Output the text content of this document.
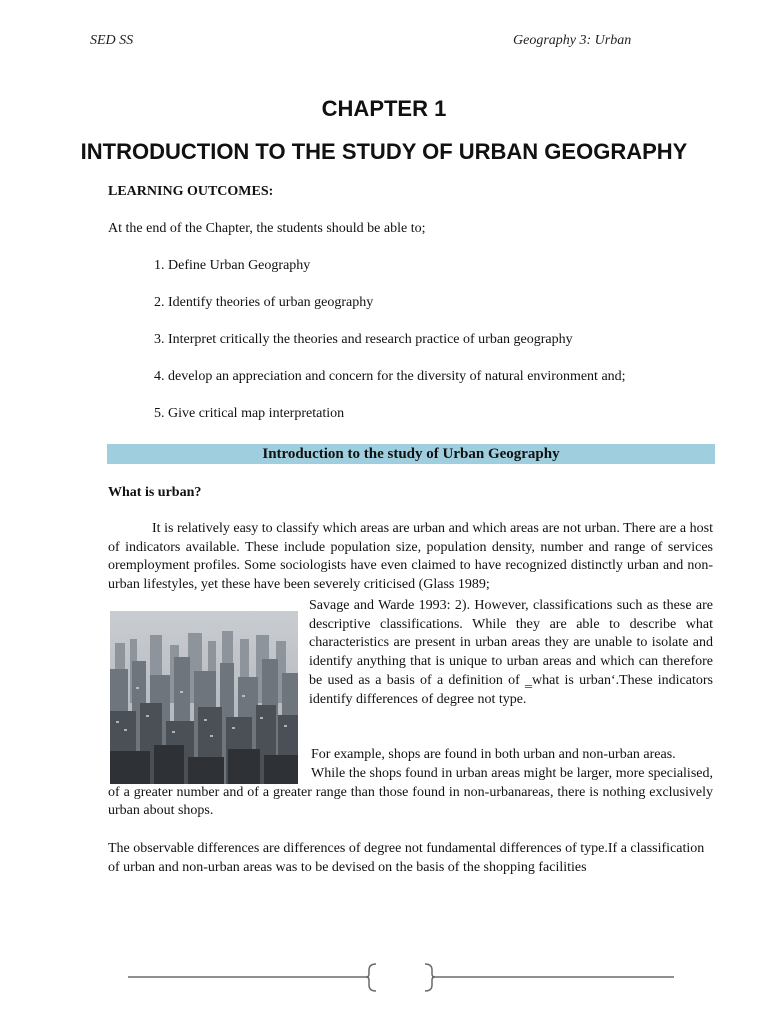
SED SS	Geography 3: Urban
CHAPTER 1
INTRODUCTION TO THE STUDY OF URBAN GEOGRAPHY
LEARNING OUTCOMES:
At the end of the Chapter, the students should be able to;
1. Define Urban Geography
2. Identify theories of urban geography
3. Interpret critically the theories and research practice of urban geography
4. develop an appreciation and concern for the diversity of natural environment and;
5. Give critical map interpretation
Introduction to the study of Urban Geography
What is urban?
It is relatively easy to classify which areas are urban and which areas are not urban. There are a host of indicators available. These include population size, population density, number and range of services oremployment profiles. Some sociologists have even claimed to have recognized distinctly urban and non-urban lifestyles, yet these have been severely criticised (Glass 1989;
Savage and Warde 1993: 2). However, classifications such as these are descriptive classifications. While they are able to describe what characteristics are present in urban areas they are unable to isolate and identify anything that is unique to urban areas and which can therefore be used as a basis of a definition of ‗what is urban‘.These indicators identify differences of degree not type.
For example, shops are found in both urban and non-urban areas.
While the shops found in urban areas might be larger, more specialised, of a greater number and of a greater range than those found in non-urbanareas, there is nothing exclusively urban about shops.
The observable differences are differences of degree not fundamental differences of type.If a classification of urban and non-urban areas was to be devised on the basis of the shopping facilities
